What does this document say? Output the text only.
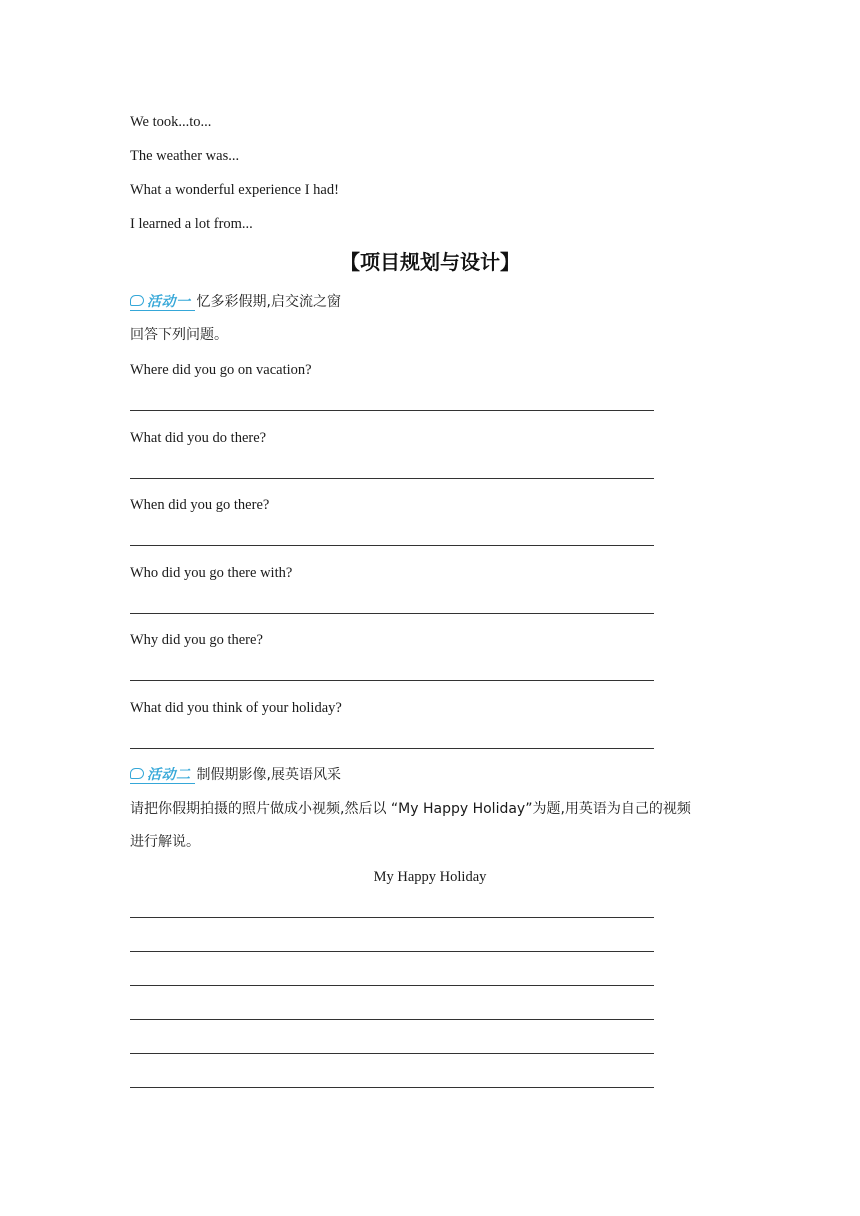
We took...to...
The weather was...
What a wonderful experience I had!
I learned a lot from...
【项目规划与设计】
活动一 忆多彩假期,启交流之窗
回答下列问题。
Where did you go on vacation?
What did you do there?
When did you go there?
Who did you go there with?
Why did you go there?
What did you think of your holiday?
活动二 制假期影像,展英语风采
请把你假期拍摄的照片做成小视频,然后以 “My Happy Holiday”为题,用英语为自己的视频
进行解说。
My Happy Holiday
